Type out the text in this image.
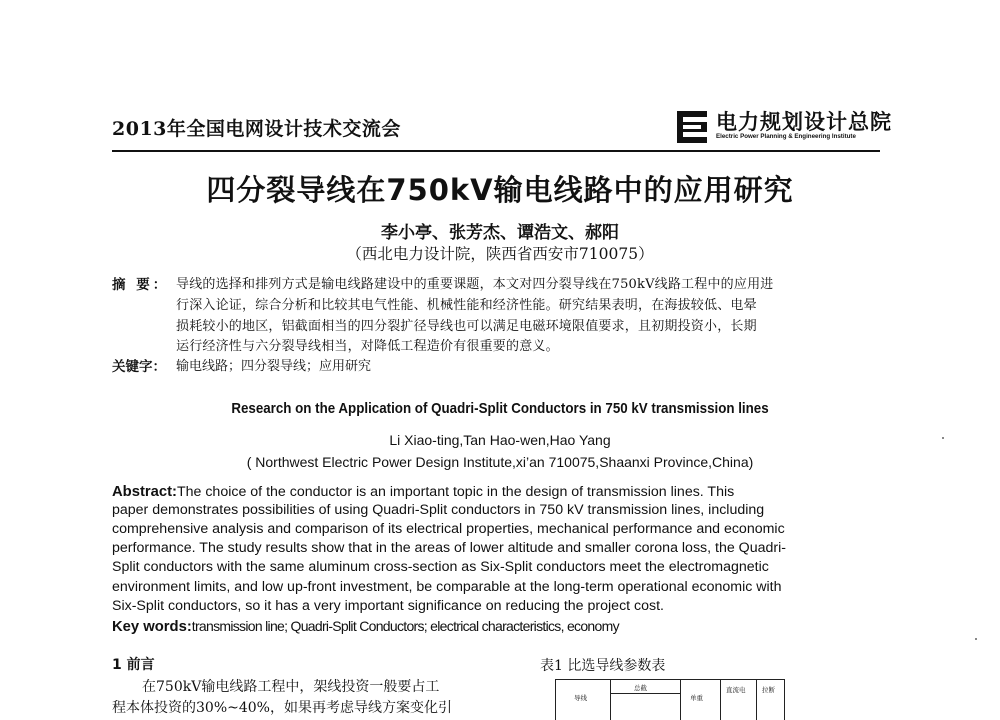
2013年全国电网设计技术交流会	电力规划设计总院
Electric Power Planning & Engineering Institute
四分裂导线在750kV输电线路中的应用研究
李小亭、张芳杰、谭浩文、郝阳
（西北电力设计院，陕西省西安市710075）
摘 要： 导线的选择和排列方式是输电线路建设中的重要课题，本文对四分裂导线在750kV线路工程中的应用进
行深入论证，综合分析和比较其电气性能、机械性能和经济性能。研究结果表明，在海拔较低、电晕
损耗较小的地区，铝截面相当的四分裂扩径导线也可以满足电磁环境限值要求，且初期投资小，长期
运行经济性与六分裂导线相当，对降低工程造价有很重要的意义。
关键字： 输电线路；四分裂导线；应用研究
Research on the Application of Quadri-Split Conductors in 750 kV transmission lines
Li Xiao-ting,Tan Hao-wen,Hao Yang
( Northwest Electric Power Design Institute,xi’an 710075,Shaanxi Province,China)
Abstract:The choice of the conductor is an important topic in the design of transmission lines. This
paper demonstrates possibilities of using Quadri-Split conductors in 750 kV transmission lines, including
comprehensive analysis and comparison of its electrical properties, mechanical performance and economic
performance. The study results show that in the areas of lower altitude and smaller corona loss, the Quadri-
Split conductors with the same aluminum cross-section as Six-Split conductors meet the electromagnetic
environment limits, and low up-front investment, be comparable at the long-term operational economic with
Six-Split conductors, so it has a very important significance on reducing the project cost.
Key words:transmission line; Quadri-Split Conductors; electrical characteristics, economy
1 前言
在750kV输电线路工程中，架线投资一般要占工
程本体投资的30%~40%，如果再考虑导线方案变化引
表1 比选导线参数表
导线
总截
单重
直流电	拉断
